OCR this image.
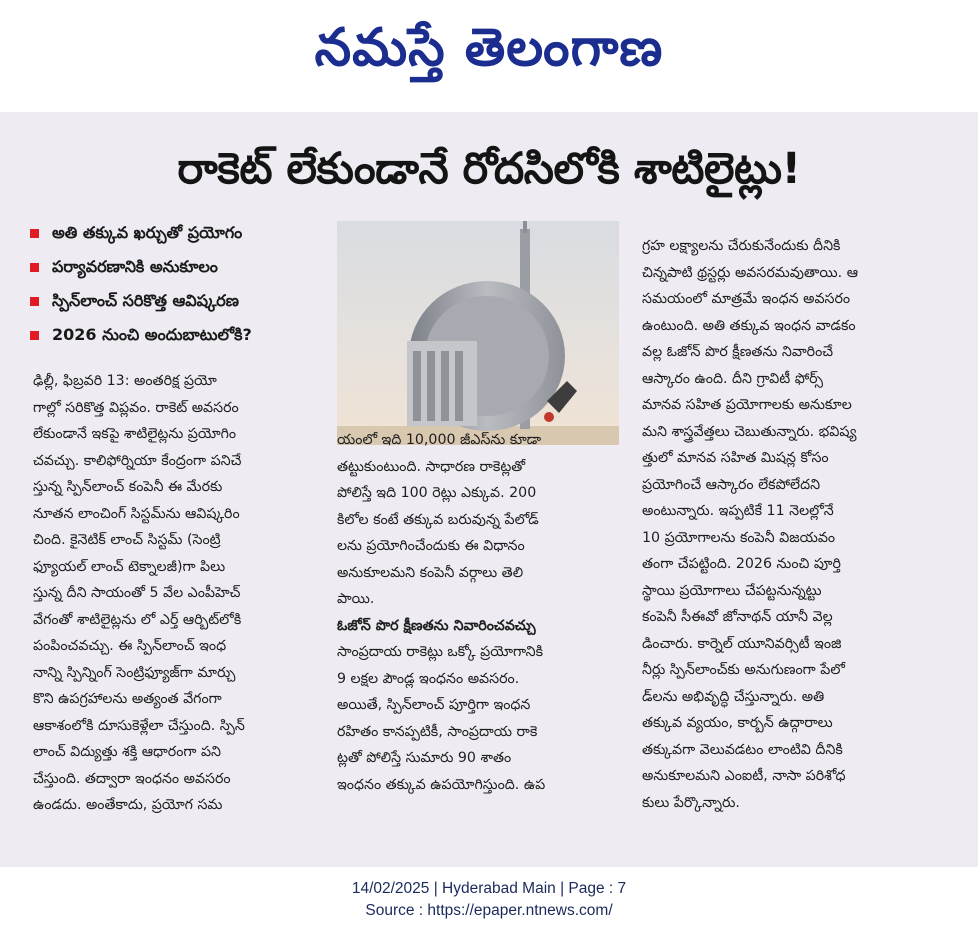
నమస్తే తెలంగాణ
రాకెట్ లేకుండానే రోదసిలోకి శాటిలైట్లు!
అతి తక్కువ ఖర్చుతో ప్రయోగం
పర్యావరణానికి అనుకూలం
స్పిన్‌లాంచ్ సరికొత్త ఆవిష్కరణ
2026 నుంచి అందుబాటులోకి?

ఢిల్లీ, ఫిబ్రవరి 13: అంతరిక్ష ప్రయో

గాల్లో సరికొత్త విప్లవం. రాకెట్ అవసరం

లేకుండానే ఇకపై శాటిలైట్లను ప్రయోగిం

చవచ్చు. కాలిఫోర్నియా కేంద్రంగా పనిచే

స్తున్న స్పిన్‌లాంచ్ కంపెనీ ఈ మేరకు

నూతన లాంచింగ్ సిస్టమ్‌ను ఆవిష్కరిం

చింది. కైనెటిక్ లాంచ్ సిస్టమ్ (సెంట్రి

ఫ్యూయల్ లాంచ్ టెక్నాలజీ)గా పిలు

స్తున్న దీని సాయంతో 5 వేల ఎంపీహెచ్

వేగంతో శాటిలైట్లను లో ఎర్త్ ఆర్బిట్‌లోకి

పంపించవచ్చు. ఈ స్పిన్‌లాంచ్ ఇంధ

నాన్ని స్పిన్నింగ్ సెంట్రిఫ్యూజ్‌గా మార్చు

కొని ఉపగ్రహాలను అత్యంత వేగంగా

ఆకాశంలోకి దూసుకెళ్లేలా చేస్తుంది. స్పిన్

లాంచ్ విద్యుత్తు శక్తి ఆధారంగా పని

చేస్తుంది. తద్వారా ఇంధనం అవసరం

ఉండదు. అంతేకాదు, ప్రయోగ సమ

యంలో ఇది 10,000 జీఎస్‌ను కూడా

తట్టుకుంటుంది. సాధారణ రాకెట్లతో

పోలిస్తే ఇది 100 రెట్లు ఎక్కువ. 200

కిలోల కంటే తక్కువ బరువున్న పేలోడ్

లను ప్రయోగించేందుకు ఈ విధానం

అనుకూలమని కంపెనీ వర్గాలు తెలి

పాయి.

ఓజోన్ పొర క్షీణతను నివారించవచ్చు

సాంప్రదాయ రాకెట్లు ఒక్కో ప్రయోగానికి

9 లక్షల పౌండ్ల ఇంధనం అవసరం.

అయితే, స్పిన్‌లాంచ్ పూర్తిగా ఇంధన

రహితం కానప్పటికీ, సాంప్రదాయ రాకె

ట్లతో పోలిస్తే సుమారు 90 శాతం

ఇంధనం తక్కువ ఉపయోగిస్తుంది. ఉప

గ్రహ లక్ష్యాలను చేరుకునేందుకు దీనికి

చిన్నపాటి థ్రస్టర్లు అవసరమవుతాయి. ఆ

సమయంలో మాత్రమే ఇంధన అవసరం

ఉంటుంది. అతి తక్కువ ఇంధన వాడకం

వల్ల ఓజోన్ పొర క్షీణతను నివారించే

ఆస్కారం ఉంది. దీని గ్రావిటీ ఫోర్స్

మానవ సహిత ప్రయోగాలకు అనుకూల

మని శాస్త్రవేత్తలు చెబుతున్నారు. భవిష్య

త్తులో మానవ సహిత మిషన్ల కోసం

ప్రయోగించే ఆస్కారం లేకపోలేదని

అంటున్నారు. ఇప్పటికే 11 నెలల్లోనే

10 ప్రయోగాలను కంపెనీ విజయవం

తంగా చేపట్టింది. 2026 నుంచి పూర్తి

స్థాయి ప్రయోగాలు చేపట్టనున్నట్టు

కంపెనీ సీఈవో జోనాథన్ యానీ వెల్ల

డించారు. కార్నెల్ యూనివర్సిటీ ఇంజి

నీర్లు స్పిన్‌లాంచ్‌కు అనుగుణంగా పేలో

డ్‌లను అభివృద్ధి చేస్తున్నారు. అతి

తక్కువ వ్యయం, కార్బన్ ఉద్గారాలు

తక్కువగా వెలువడటం లాంటివి దీనికి

అనుకూలమని ఎంఐటీ, నాసా పరిశోధ

కులు పేర్కొన్నారు.

14/02/2025 | Hyderabad Main | Page : 7
Source : https://epaper.ntnews.com/
